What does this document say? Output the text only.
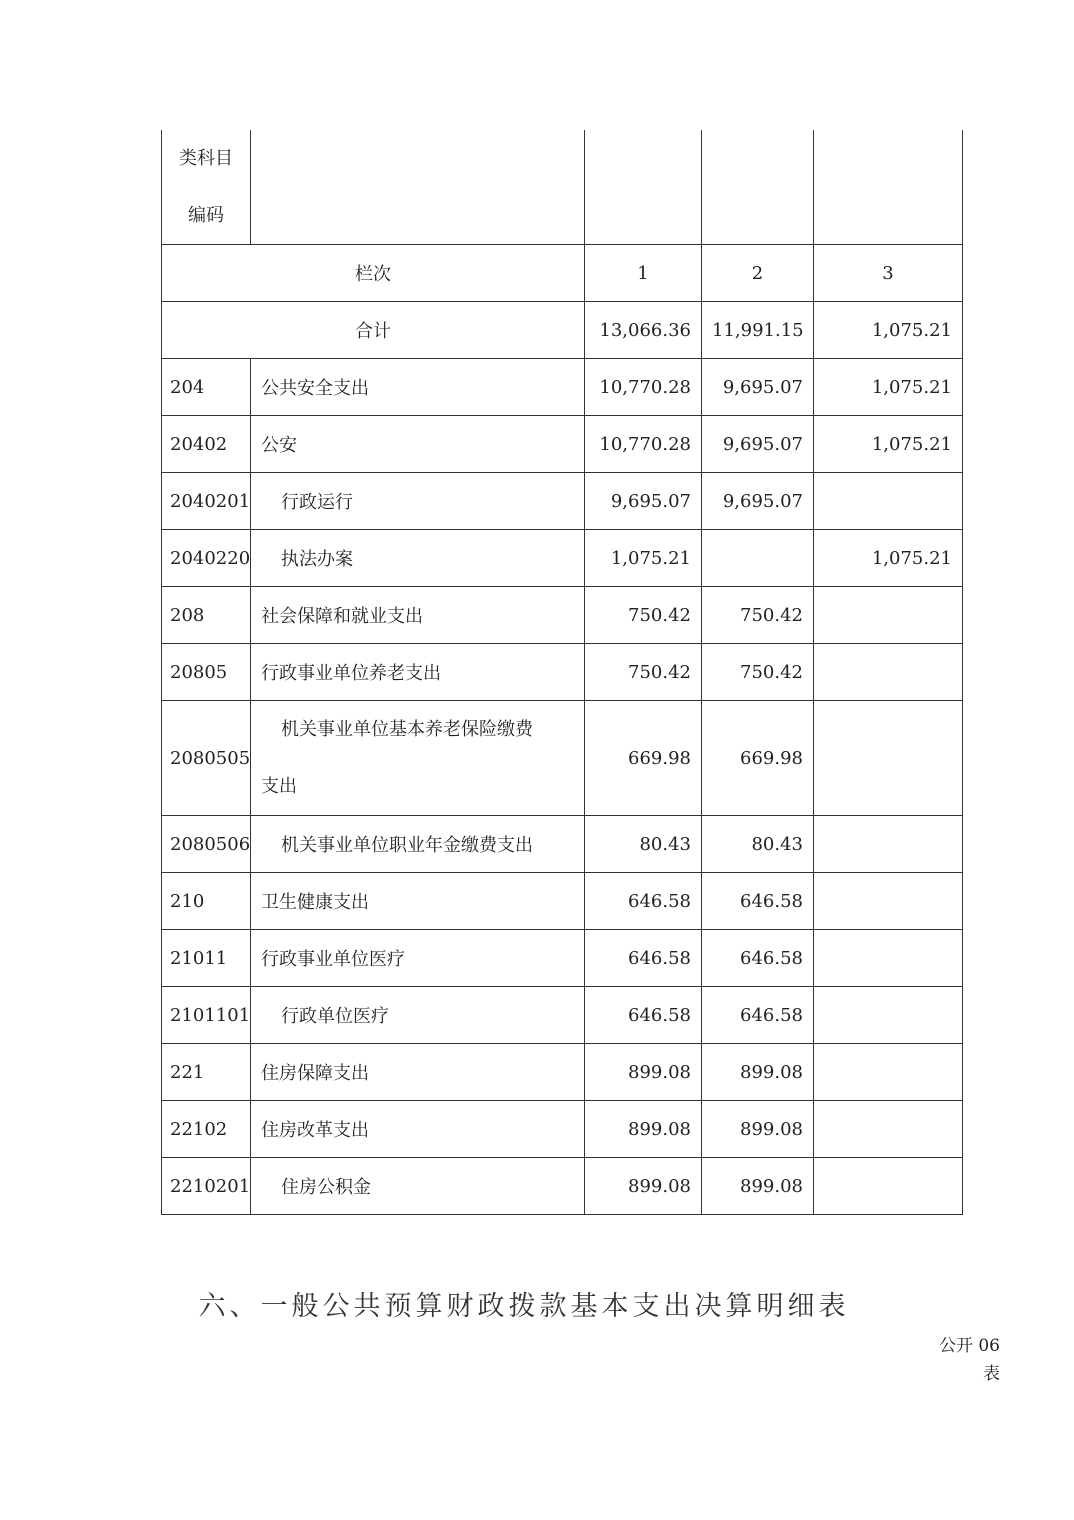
类科目
编码				

栏次		1	2	3
合计		13,066.36	11,991.15	1,075.21
204	公共安全支出	10,770.28	9,695.07	1,075.21
20402	公安	10,770.28	9,695.07	1,075.21
2040201	行政运行	9,695.07	9,695.07	
2040220	执法办案	1,075.21		1,075.21
208	社会保障和就业支出	750.42	750.42	
20805	行政事业单位养老支出	750.42	750.42	
2080505	机关事业单位基本养老保险缴费
支出	669.98	669.98	
2080506	机关事业单位职业年金缴费支出	80.43	80.43	
210	卫生健康支出	646.58	646.58	
21011	行政事业单位医疗	646.58	646.58	
2101101	行政单位医疗	646.58	646.58	
221	住房保障支出	899.08	899.08	
22102	住房改革支出	899.08	899.08	
2210201	住房公积金	899.08	899.08	
六、一般公共预算财政拨款基本支出决算明细表
公开 06
表
